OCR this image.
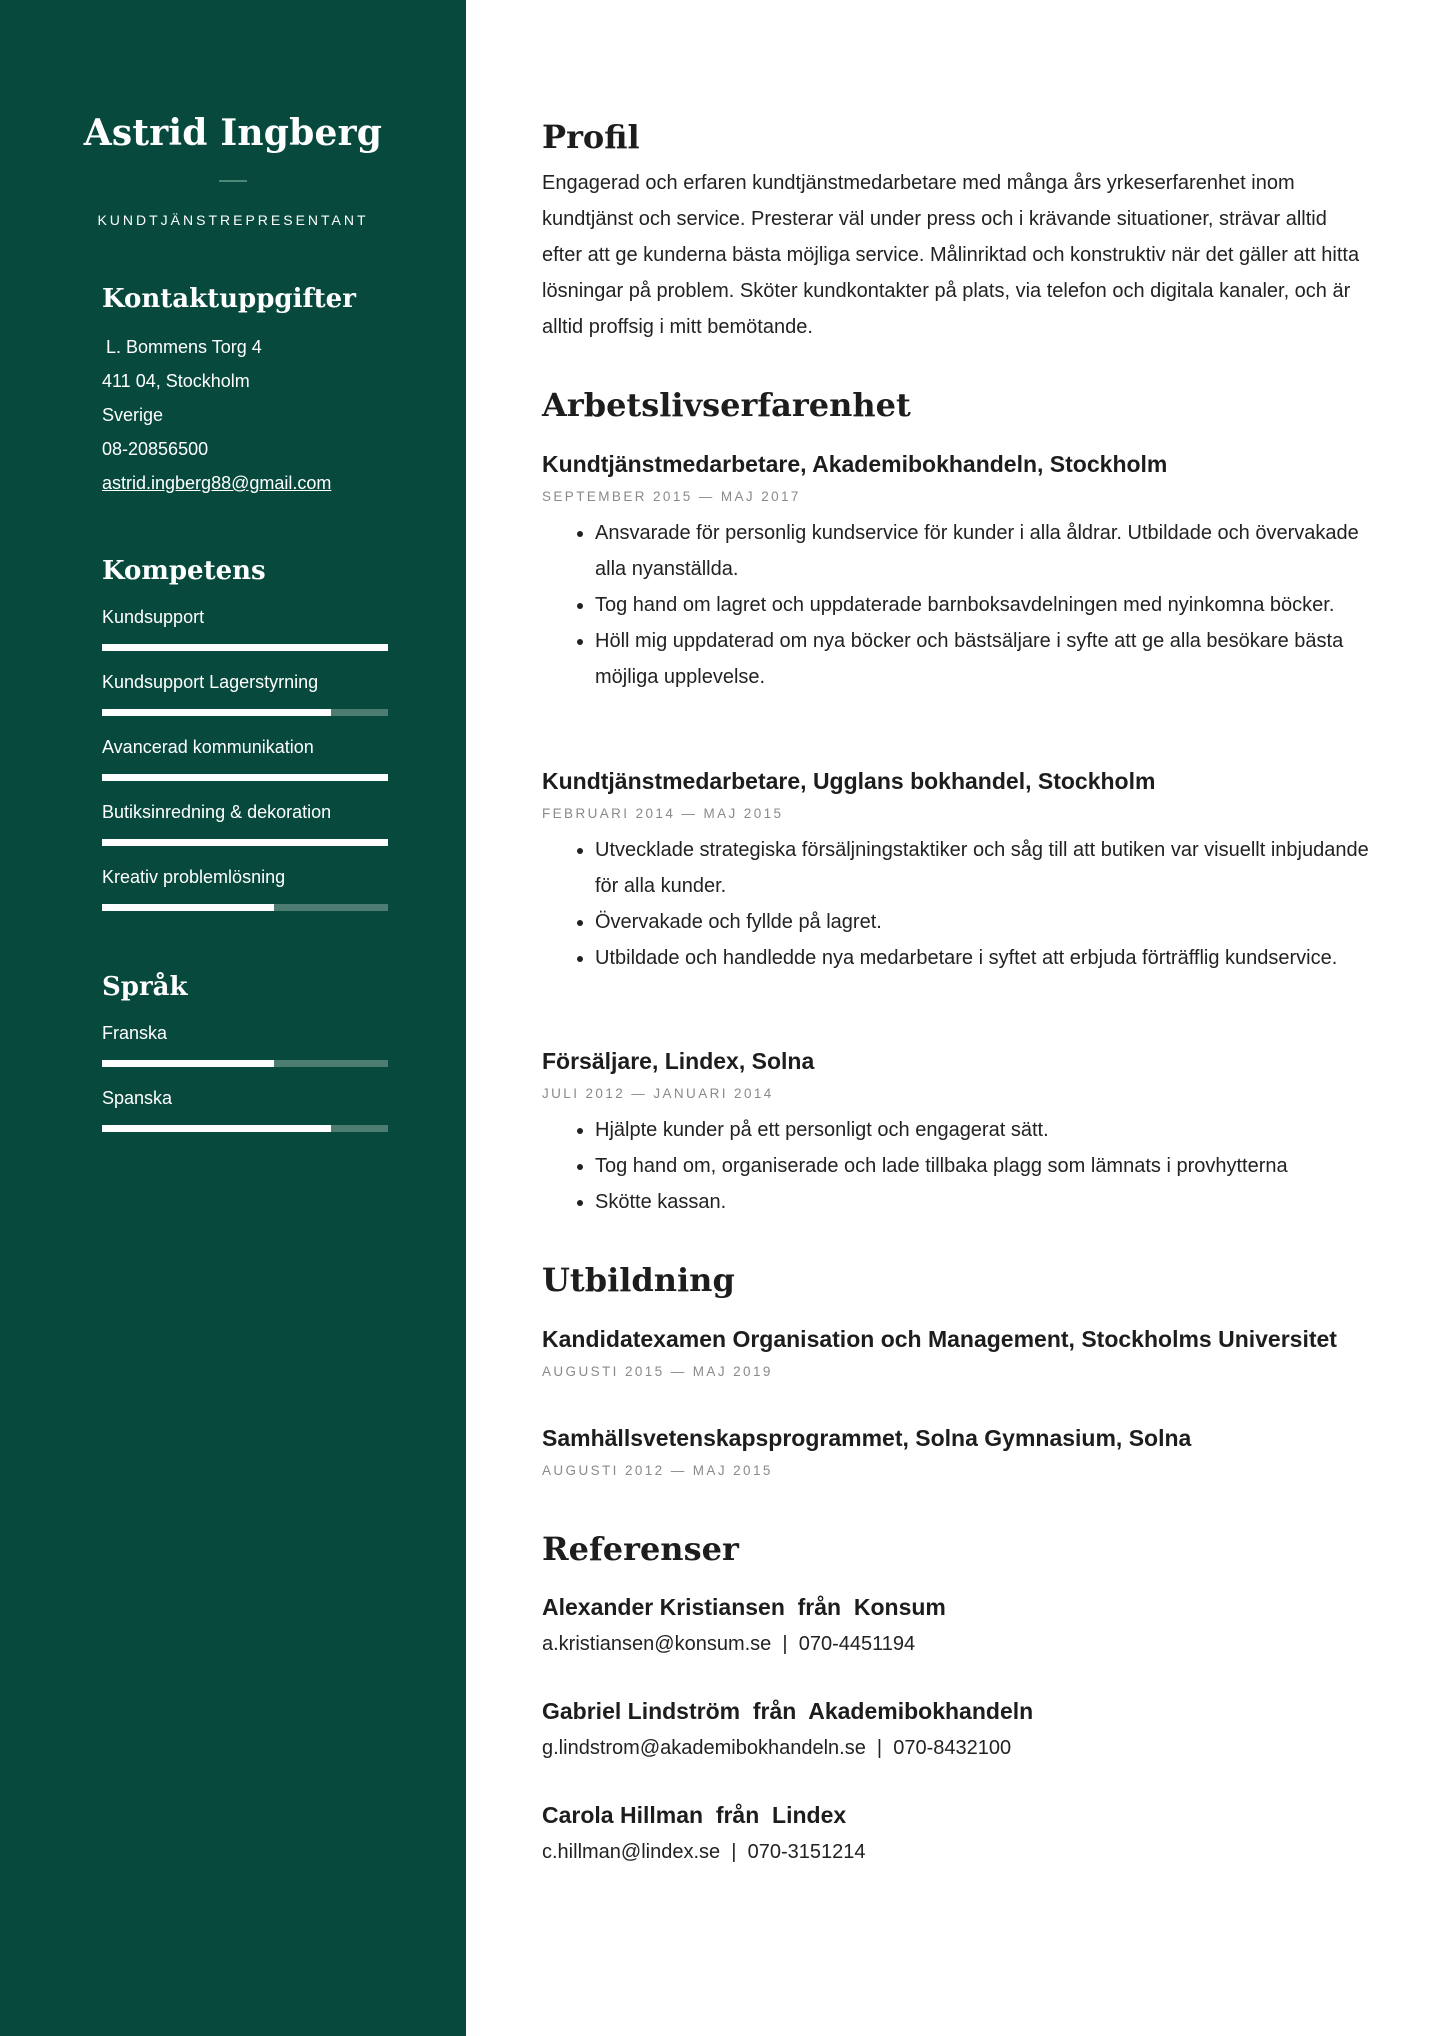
Astrid Ingberg
KUNDTJÄNSTREPRESENTANT
Kontaktuppgifter
L. Bommens Torg 4
411 04, Stockholm
Sverige
08-20856500
astrid.ingberg88@gmail.com
Kompetens
Kundsupport
Kundsupport Lagerstyrning
Avancerad kommunikation
Butiksinredning & dekoration
Kreativ problemlösning
Språk
Franska
Spanska
Profil
Engagerad och erfaren kundtjänstmedarbetare med många års yrkeserfarenhet inom kundtjänst och service. Presterar väl under press och i krävande situationer, strävar alltid efter att ge kunderna bästa möjliga service. Målinriktad och konstruktiv när det gäller att hitta lösningar på problem. Sköter kundkontakter på plats, via telefon och digitala kanaler, och är alltid proffsig i mitt bemötande.
Arbetslivserfarenhet
Kundtjänstmedarbetare, Akademibokhandeln, Stockholm
SEPTEMBER 2015 — MAJ 2017
• Ansvarade för personlig kundservice för kunder i alla åldrar. Utbildade och övervakade alla nyanställda.
• Tog hand om lagret och uppdaterade barnboksavdelningen med nyinkomna böcker.
• Höll mig uppdaterad om nya böcker och bästsäljare i syfte att ge alla besökare bästa möjliga upplevelse.
Kundtjänstmedarbetare, Ugglans bokhandel, Stockholm
FEBRUARI 2014 — MAJ 2015
• Utvecklade strategiska försäljningstaktiker och såg till att butiken var visuellt inbjudande för alla kunder.
• Övervakade och fyllde på lagret.
• Utbildade och handledde nya medarbetare i syftet att erbjuda förträfflig kundservice.
Försäljare, Lindex, Solna
JULI 2012 — JANUARI 2014
• Hjälpte kunder på ett personligt och engagerat sätt.
• Tog hand om, organiserade och lade tillbaka plagg som lämnats i provhytterna
• Skötte kassan.
Utbildning
Kandidatexamen Organisation och Management, Stockholms Universitet
AUGUSTI 2015 — MAJ 2019
Samhällsvetenskapsprogrammet, Solna Gymnasium, Solna
AUGUSTI 2012 — MAJ 2015
Referenser
Alexander Kristiansen  från  Konsum
a.kristiansen@konsum.se  |  070-4451194
Gabriel Lindström  från  Akademibokhandeln
g.lindstrom@akademibokhandeln.se  |  070-8432100
Carola Hillman  från  Lindex
c.hillman@lindex.se  |  070-3151214
